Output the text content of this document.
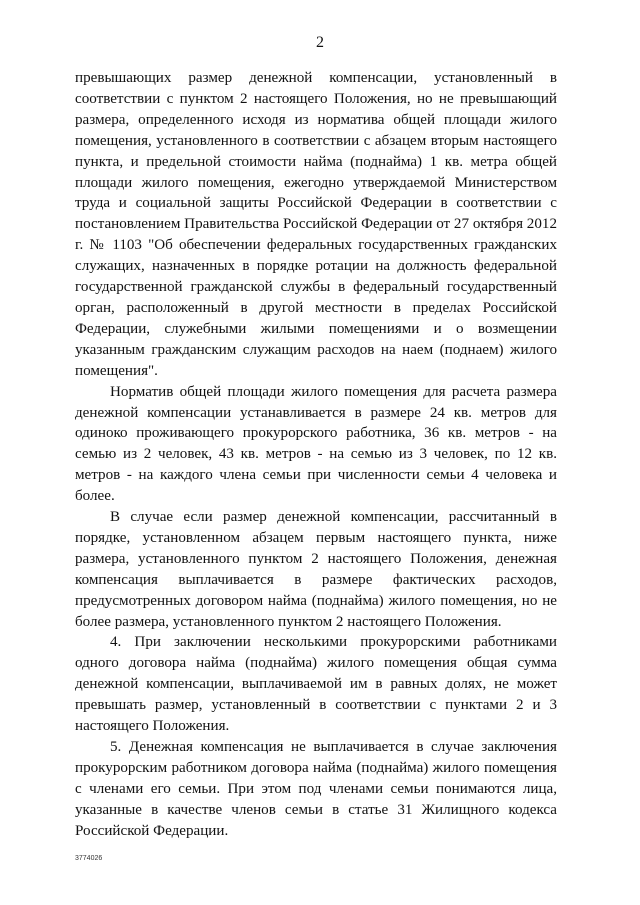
2

превышающих размер денежной компенсации, установленный в соответствии с пунктом 2 настоящего Положения, но не превышающий размера, определенного исходя из норматива общей площади жилого помещения, установленного в соответствии с абзацем вторым настоящего пункта, и предельной стоимости найма (поднайма) 1 кв. метра общей площади жилого помещения, ежегодно утверждаемой Министерством труда и социальной защиты Российской Федерации в соответствии с постановлением Правительства Российской Федерации от 27 октября 2012 г. № 1103 "Об обеспечении федеральных государственных гражданских служащих, назначенных в порядке ротации на должность федеральной государственной гражданской службы в федеральный государственный орган, расположенный в другой местности в пределах Российской Федерации, служебными жилыми помещениями и о возмещении указанным гражданским служащим расходов на наем (поднаем) жилого помещения".

Норматив общей площади жилого помещения для расчета размера денежной компенсации устанавливается в размере 24 кв. метров для одиноко проживающего прокурорского работника, 36 кв. метров - на семью из 2 человек, 43 кв. метров - на семью из 3 человек, по 12 кв. метров - на каждого члена семьи при численности семьи 4 человека и более.

В случае если размер денежной компенсации, рассчитанный в порядке, установленном абзацем первым настоящего пункта, ниже размера, установленного пунктом 2 настоящего Положения, денежная компенсация выплачивается в размере фактических расходов, предусмотренных договором найма (поднайма) жилого помещения, но не более размера, установленного пунктом 2 настоящего Положения.

4. При заключении несколькими прокурорскими работниками одного договора найма (поднайма) жилого помещения общая сумма денежной компенсации, выплачиваемой им в равных долях, не может превышать размер, установленный в соответствии с пунктами 2 и 3 настоящего Положения.

5. Денежная компенсация не выплачивается в случае заключения прокурорским работником договора найма (поднайма) жилого помещения с членами его семьи. При этом под членами семьи понимаются лица, указанные в качестве членов семьи в статье 31 Жилищного кодекса Российской Федерации.

3774026
